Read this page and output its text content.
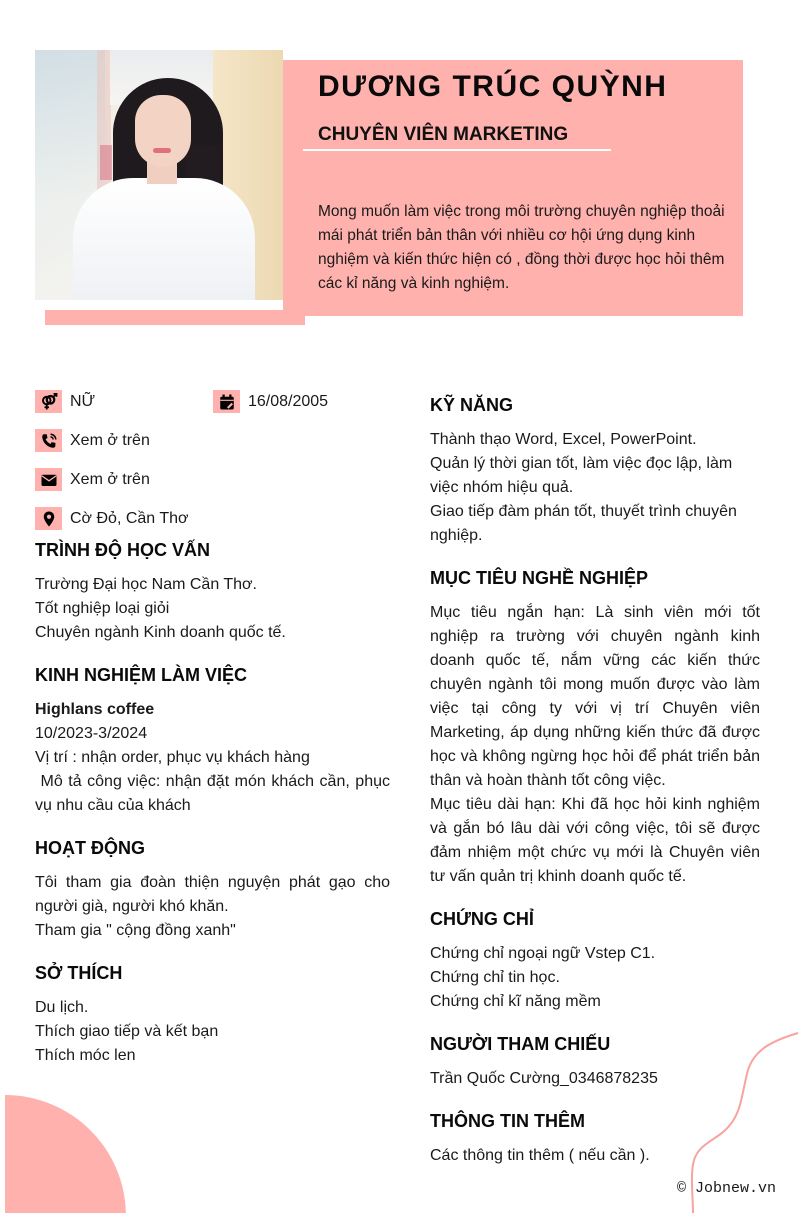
DƯƠNG TRÚC QUỲNH
CHUYÊN VIÊN MARKETING
Mong muốn làm việc trong môi trường chuyên nghiệp thoải mái phát triển bản thân với nhiều cơ hội ứng dụng kinh nghiệm và kiến thức hiện có , đồng thời được học hỏi thêm các kỉ năng và kinh nghiệm.
NỮ	16/08/2005
Xem ở trên
Xem ở trên
Cờ Đỏ, Cần Thơ
TRÌNH ĐỘ HỌC VẤN
Trường Đại học Nam Cần Thơ.
Tốt nghiệp loại giỏi
Chuyên ngành Kinh doanh quốc tế.
KINH NGHIỆM LÀM VIỆC
Highlans coffee
10/2023-3/2024
Vị trí : nhận order, phục vụ khách hàng
Mô tả công việc: nhận đặt món khách cần, phục vụ nhu cầu của khách
HOẠT ĐỘNG
Tôi tham gia đoàn thiện nguyện phát gạo cho người già, người khó khăn.
Tham gia " cộng đồng xanh"
SỞ THÍCH
Du lịch.
Thích giao tiếp và kết bạn
Thích móc len
KỸ NĂNG
Thành thạo Word, Excel, PowerPoint.
Quản lý thời gian tốt, làm việc đọc lập, làm việc nhóm hiệu quả.
Giao tiếp đàm phán tốt, thuyết trình chuyên nghiệp.
MỤC TIÊU NGHỀ NGHIỆP
Mục tiêu ngắn hạn: Là sinh viên mới tốt nghiệp ra trường với chuyên ngành kinh doanh quốc tế, nắm vững các kiến thức chuyên ngành tôi mong muốn được vào làm việc tại công ty với vị trí Chuyên viên Marketing, áp dụng những kiến thức đã được học và không ngừng học hỏi để phát triển bản thân và hoàn thành tốt công việc.
Mục tiêu dài hạn: Khi đã học hỏi kinh nghiệm và gắn bó lâu dài với công việc, tôi sẽ được đảm nhiệm một chức vụ mới là Chuyên viên tư vấn quản trị khinh doanh quốc tế.
CHỨNG CHỈ
Chứng chỉ ngoại ngữ Vstep C1.
Chứng chỉ tin học.
Chứng chỉ kĩ năng mềm
NGƯỜI THAM CHIẾU
Trần Quốc Cường_0346878235
THÔNG TIN THÊM
Các thông tin thêm ( nếu cần ).
© Jobnew.vn
